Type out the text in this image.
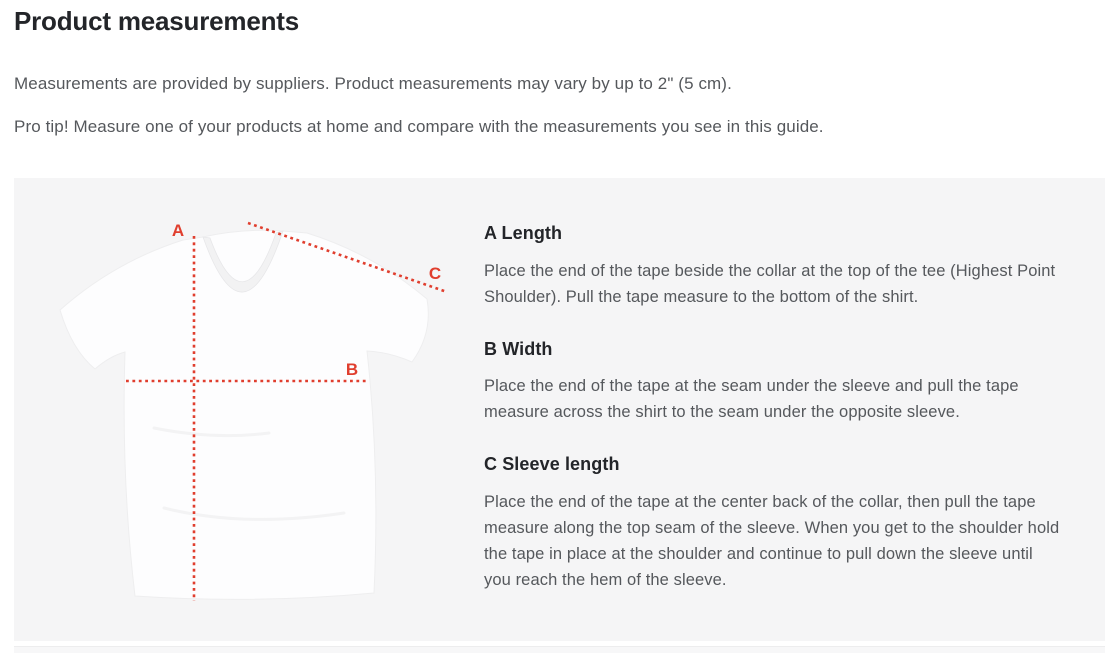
Product measurements

Measurements are provided by suppliers. Product measurements may vary by up to 2" (5 cm).

Pro tip! Measure one of your products at home and compare with the measurements you see in this guide.

A
B
C
A Length

Place the end of the tape beside the collar at the top of the tee (Highest Point Shoulder). Pull the tape measure to the bottom of the shirt.

B Width

Place the end of the tape at the seam under the sleeve and pull the tape measure across the shirt to the seam under the opposite sleeve.

C Sleeve length

Place the end of the tape at the center back of the collar, then pull the tape measure along the top seam of the sleeve. When you get to the shoulder hold the tape in place at the shoulder and continue to pull down the sleeve until you reach the hem of the sleeve.
